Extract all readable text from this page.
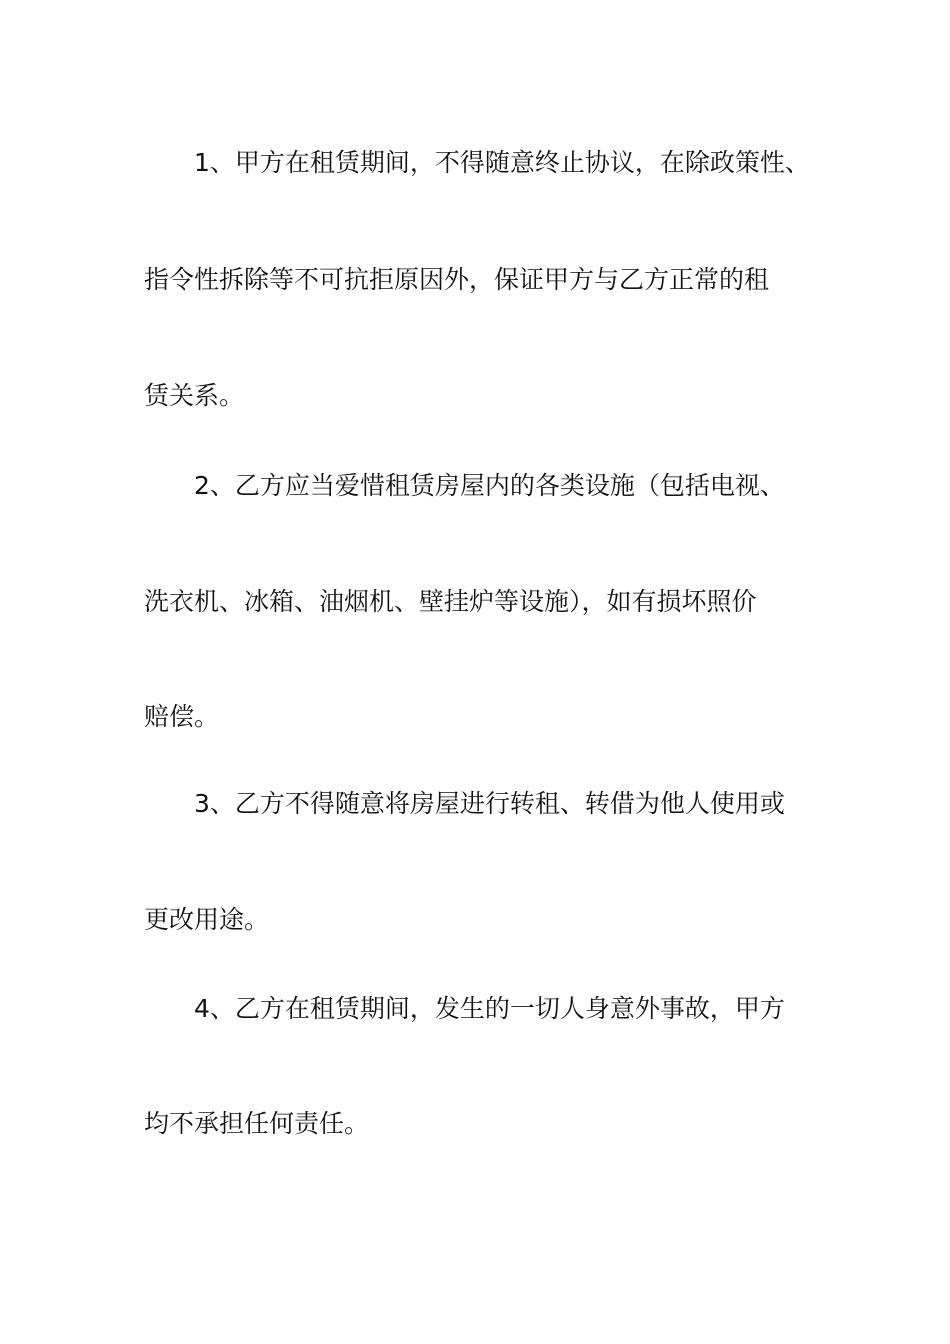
1、甲方在租赁期间，不得随意终止协议，在除政策性、
指令性拆除等不可抗拒原因外，保证甲方与乙方正常的租
赁关系。
2、乙方应当爱惜租赁房屋内的各类设施（包括电视、
洗衣机、冰箱、油烟机、壁挂炉等设施），如有损坏照价
赔偿。
3、乙方不得随意将房屋进行转租、转借为他人使用或
更改用途。
4、乙方在租赁期间，发生的一切人身意外事故，甲方
均不承担任何责任。
